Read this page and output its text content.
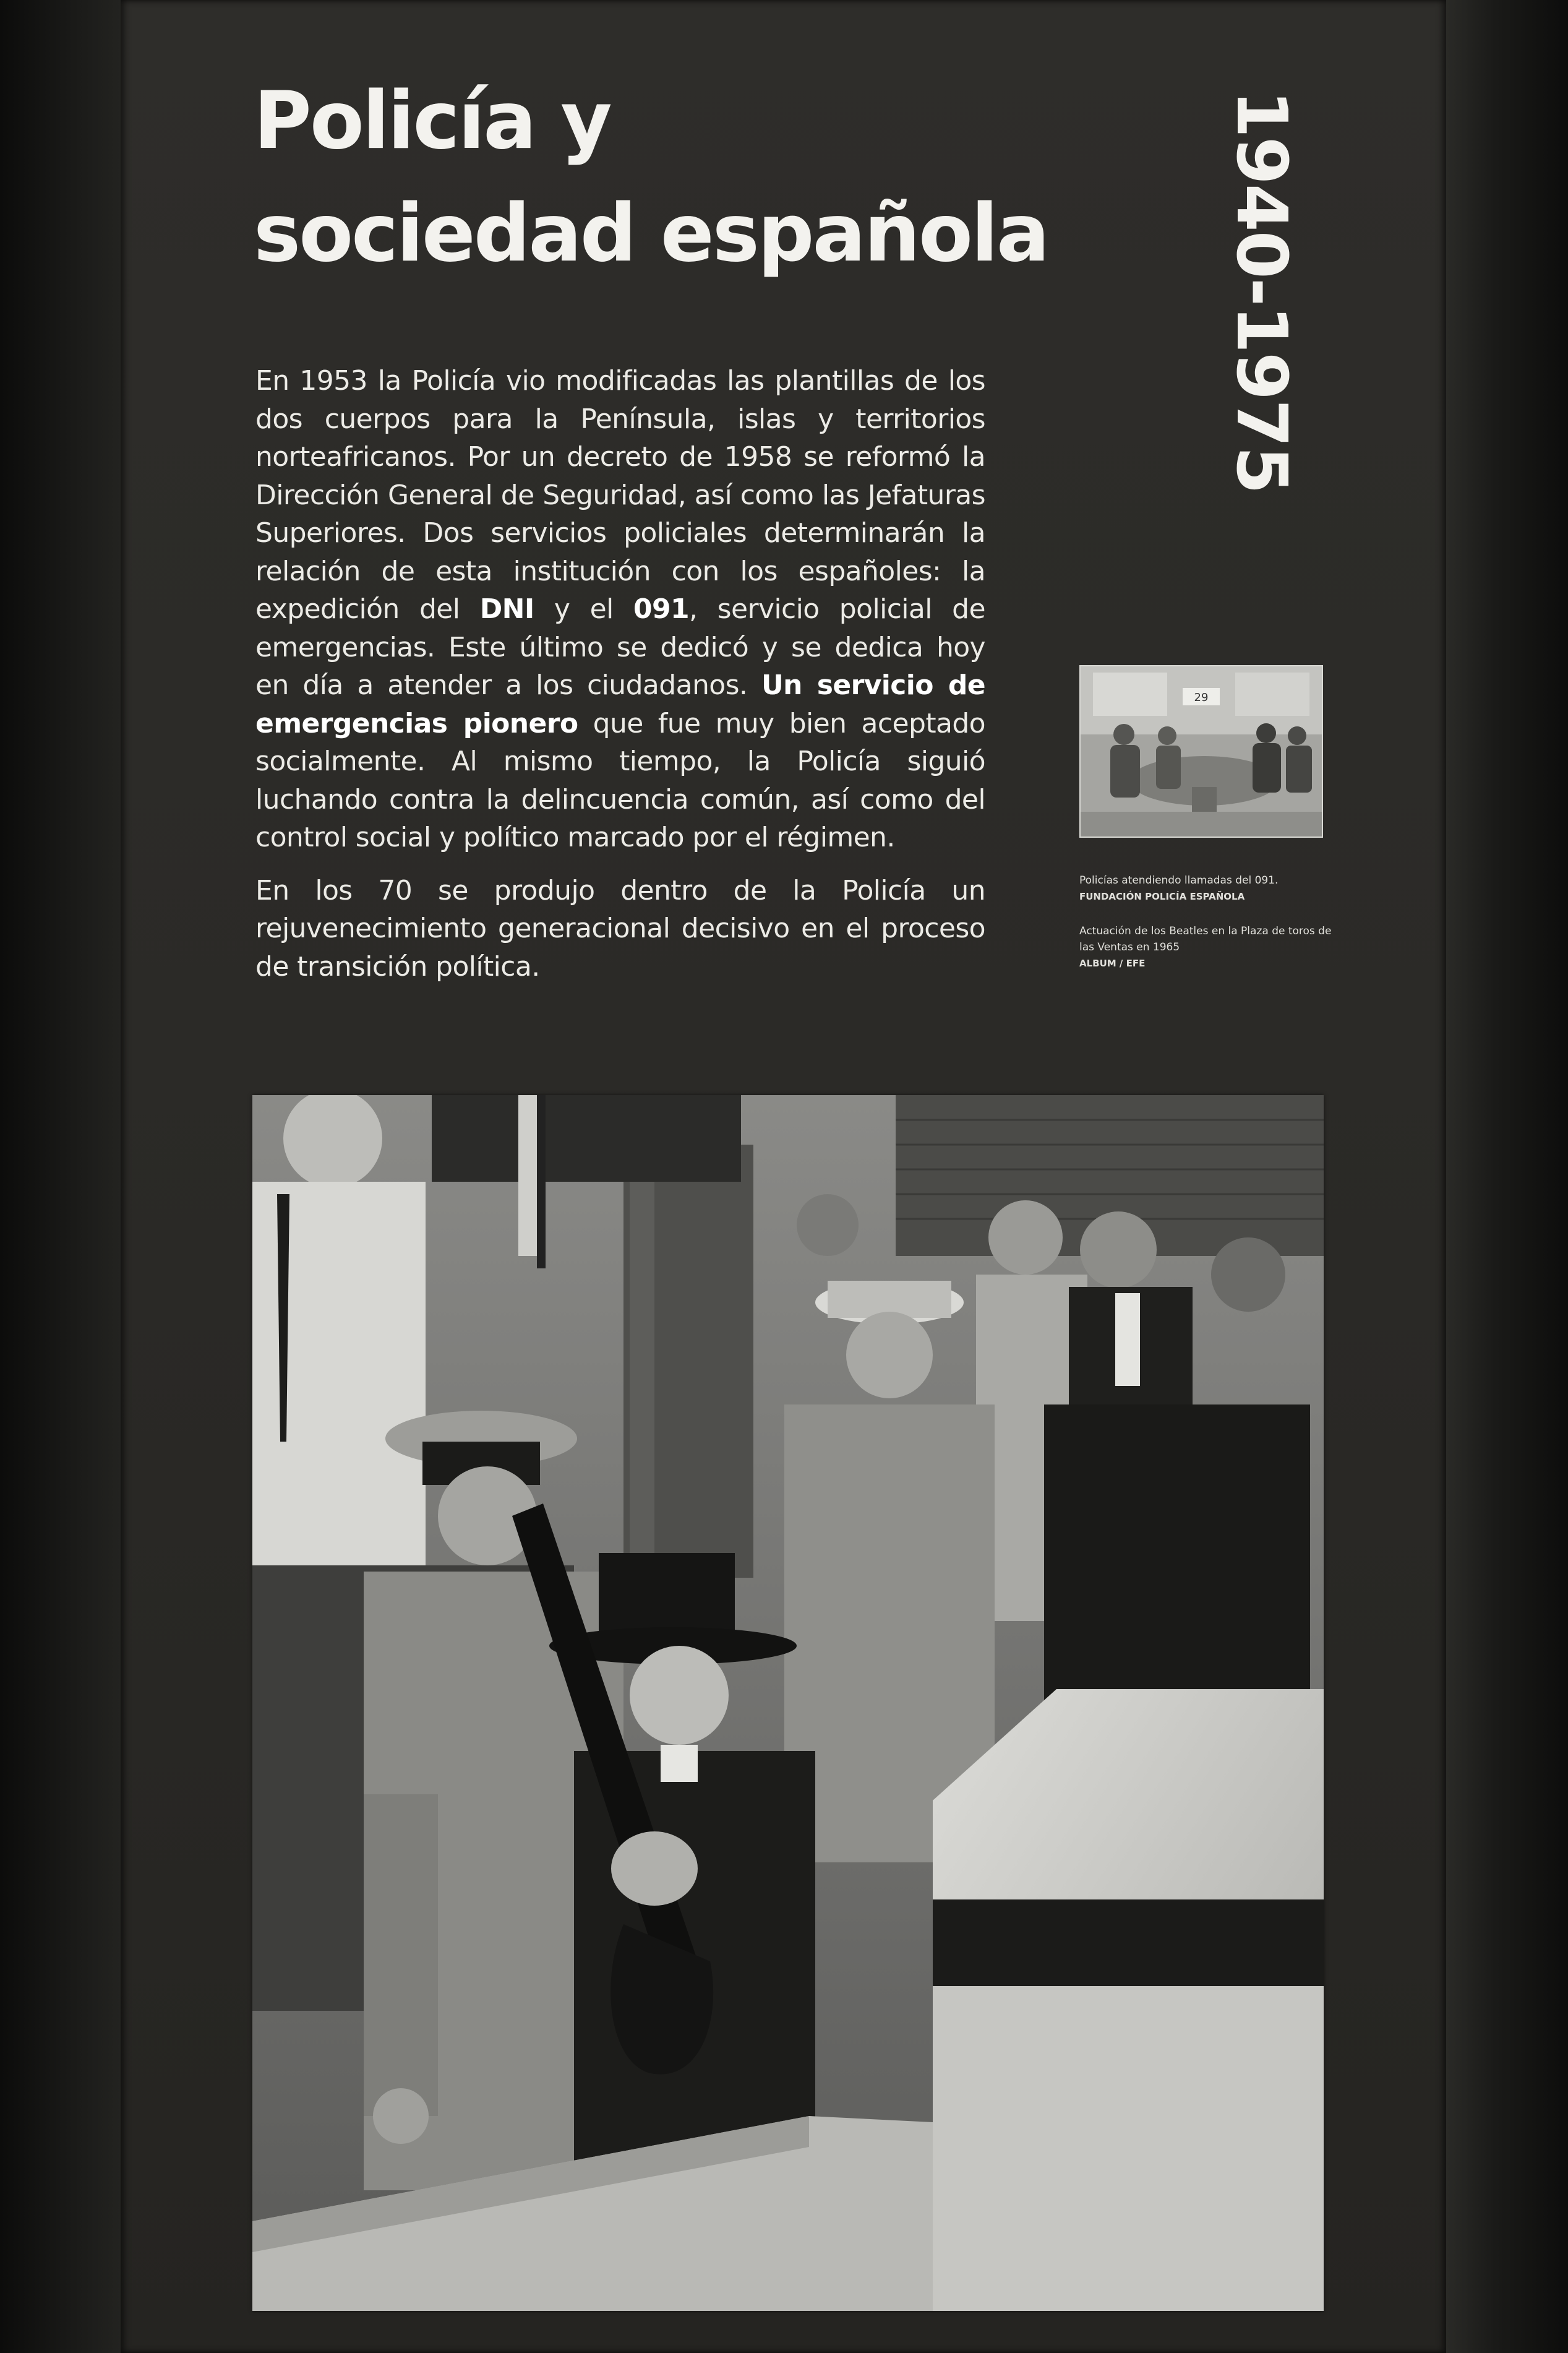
Policía y
sociedad española 1940-1975

En 1953 la Policía vio modificadas las plantillas de los dos cuerpos para la Península, islas y territorios norteafricanos. Por un decreto de 1958 se reformó la Dirección General de Seguridad, así como las Jefaturas Superiores. Dos servicios policiales determinarán la relación de esta institución con los españoles: la expedición del DNI y el 091, servicio policial de emergencias. Este último se dedicó y se dedica hoy en día a atender a los ciudadanos. Un servicio de emergencias pionero que fue muy bien aceptado socialmente. Al mismo tiempo, la Policía siguió luchando contra la delincuencia común, así como del control social y político marcado por el régimen.

En los 70 se produjo dentro de la Policía un rejuvenecimiento generacional decisivo en el proceso de transición política.

29

Policías atendiendo llamadas del 091.

FUNDACIÓN POLICÍA ESPAÑOLA

Actuación de los Beatles en la Plaza de toros de las Ventas en 1965

ALBUM / EFE
